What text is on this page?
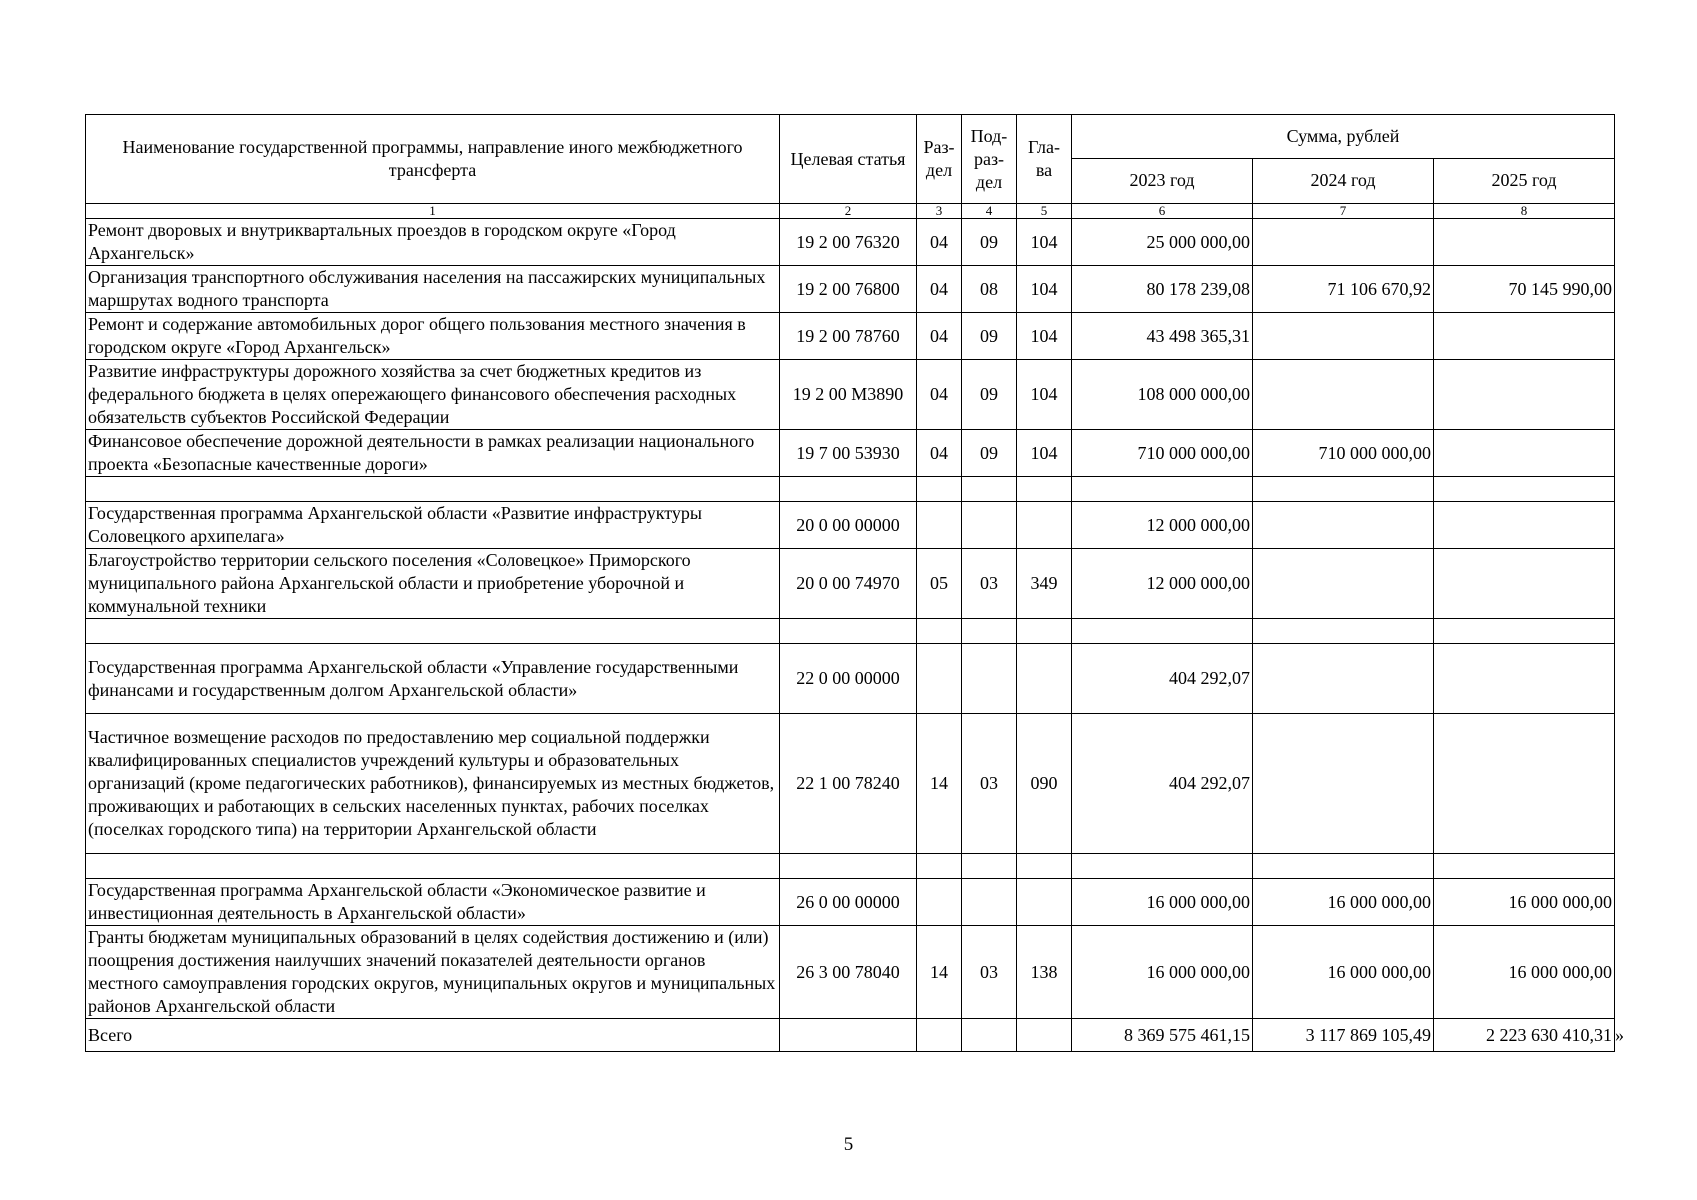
Наименование государственной программы, направление иного межбюджетного трансферта	Целевая статья	Раз- дел	Под- раз- дел	Гла- ва	Сумма, рублей		
					2023 год	2024 год	2025 год
1	2	3	4	5	6	7	8
Ремонт дворовых и внутриквартальных проездов в городском округе «Город Архангельск»	19 2 00 76320	04	09	104	25 000 000,00		
Организация транспортного обслуживания населения на пассажирских муниципальных маршрутах водного транспорта	19 2 00 76800	04	08	104	80 178 239,08	71 106 670,92	70 145 990,00
Ремонт и содержание автомобильных дорог общего пользования местного значения в городском округе «Город Архангельск»	19 2 00 78760	04	09	104	43 498 365,31		
Развитие инфраструктуры дорожного хозяйства за счет бюджетных кредитов из федерального бюджета в целях опережающего финансового обеспечения расходных обязательств субъектов Российской Федерации	19 2 00 М3890	04	09	104	108 000 000,00		
Финансовое обеспечение дорожной деятельности в рамках реализации национального проекта «Безопасные качественные дороги»	19 7 00 53930	04	09	104	710 000 000,00	710 000 000,00	

Государственная программа Архангельской области «Развитие инфраструктуры Соловецкого архипелага»	20 0 00 00000				12 000 000,00		
Благоустройство территории сельского поселения «Соловецкое» Приморского муниципального района Архангельской области и приобретение уборочной и коммунальной техники	20 0 00 74970	05	03	349	12 000 000,00		

Государственная программа Архангельской области «Управление государственными финансами и государственным долгом Архангельской области»	22 0 00 00000				404 292,07		
Частичное возмещение расходов по предоставлению мер социальной поддержки квалифицированных специалистов учреждений культуры и образовательных организаций (кроме педагогических работников), финансируемых из местных бюджетов, проживающих и работающих в сельских населенных пунктах, рабочих поселках (поселках городского типа) на территории Архангельской области	22 1 00 78240	14	03	090	404 292,07		

Государственная программа Архангельской области «Экономическое развитие и инвестиционная деятельность в Архангельской области»	26 0 00 00000				16 000 000,00	16 000 000,00	16 000 000,00
Гранты бюджетам муниципальных образований в целях содействия достижению и (или) поощрения достижения наилучших значений показателей деятельности органов местного самоуправления городских округов, муниципальных округов и муниципальных районов Архангельской области	26 3 00 78040	14	03	138	16 000 000,00	16 000 000,00	16 000 000,00
Всего					8 369 575 461,15	3 117 869 105,49	2 223 630 410,31 »
5
